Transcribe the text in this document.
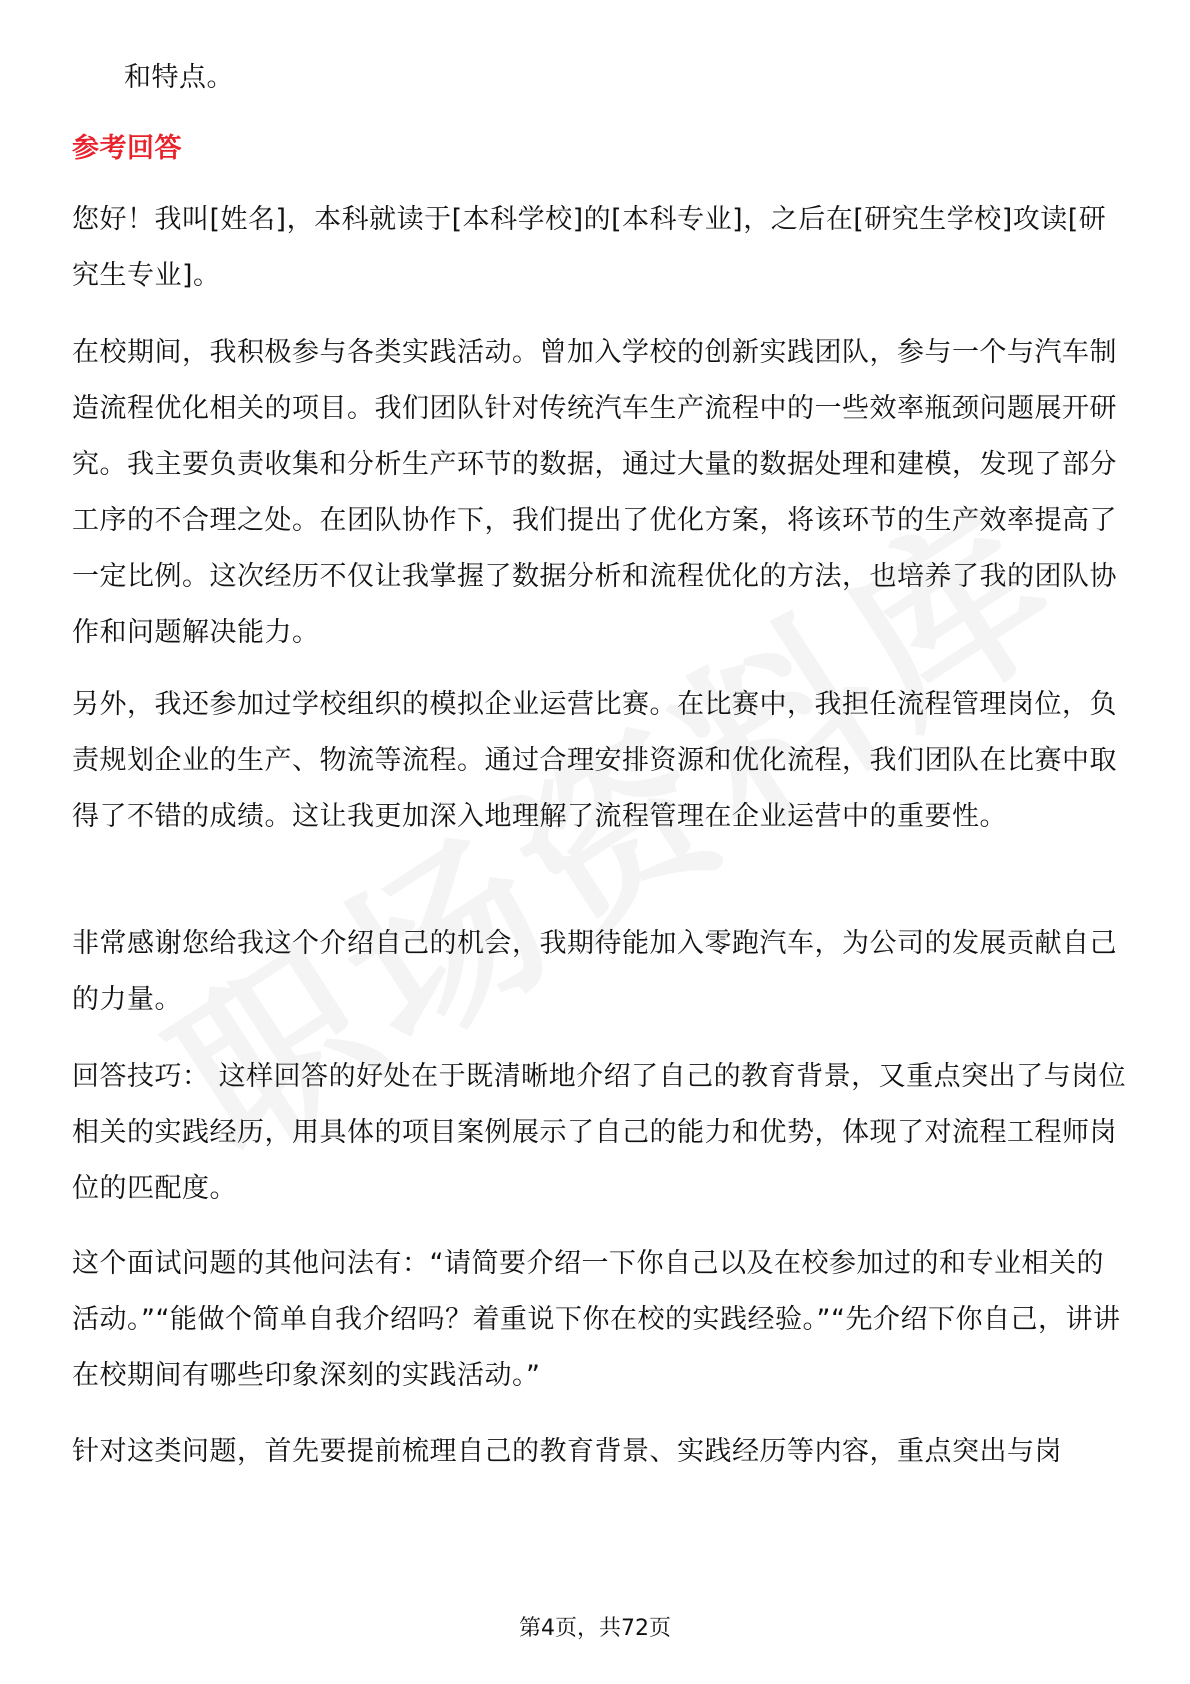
和特点。

参考回答

您好！我叫[姓名]，本科就读于[本科学校]的[本科专业]，之后在[研究生学校]攻读[研究生专业]。

在校期间，我积极参与各类实践活动。曾加入学校的创新实践团队，参与一个与汽车制造流程优化相关的项目。我们团队针对传统汽车生产流程中的一些效率瓶颈问题展开研究。我主要负责收集和分析生产环节的数据，通过大量的数据处理和建模，发现了部分工序的不合理之处。在团队协作下，我们提出了优化方案，将该环节的生产效率提高了一定比例。这次经历不仅让我掌握了数据分析和流程优化的方法，也培养了我的团队协作和问题解决能力。

另外，我还参加过学校组织的模拟企业运营比赛。在比赛中，我担任流程管理岗位，负责规划企业的生产、物流等流程。通过合理安排资源和优化流程，我们团队在比赛中取得了不错的成绩。这让我更加深入地理解了流程管理在企业运营中的重要性。

非常感谢您给我这个介绍自己的机会，我期待能加入零跑汽车，为公司的发展贡献自己的力量。

回答技巧： 这样回答的好处在于既清晰地介绍了自己的教育背景，又重点突出了与岗位相关的实践经历，用具体的项目案例展示了自己的能力和优势，体现了对流程工程师岗位的匹配度。

这个面试问题的其他问法有：“请简要介绍一下你自己以及在校参加过的和专业相关的活动。”“能做个简单自我介绍吗？着重说下你在校的实践经验。”“先介绍下你自己，讲讲在校期间有哪些印象深刻的实践活动。”

针对这类问题，首先要提前梳理自己的教育背景、实践经历等内容，重点突出与岗

第4页，共72页
